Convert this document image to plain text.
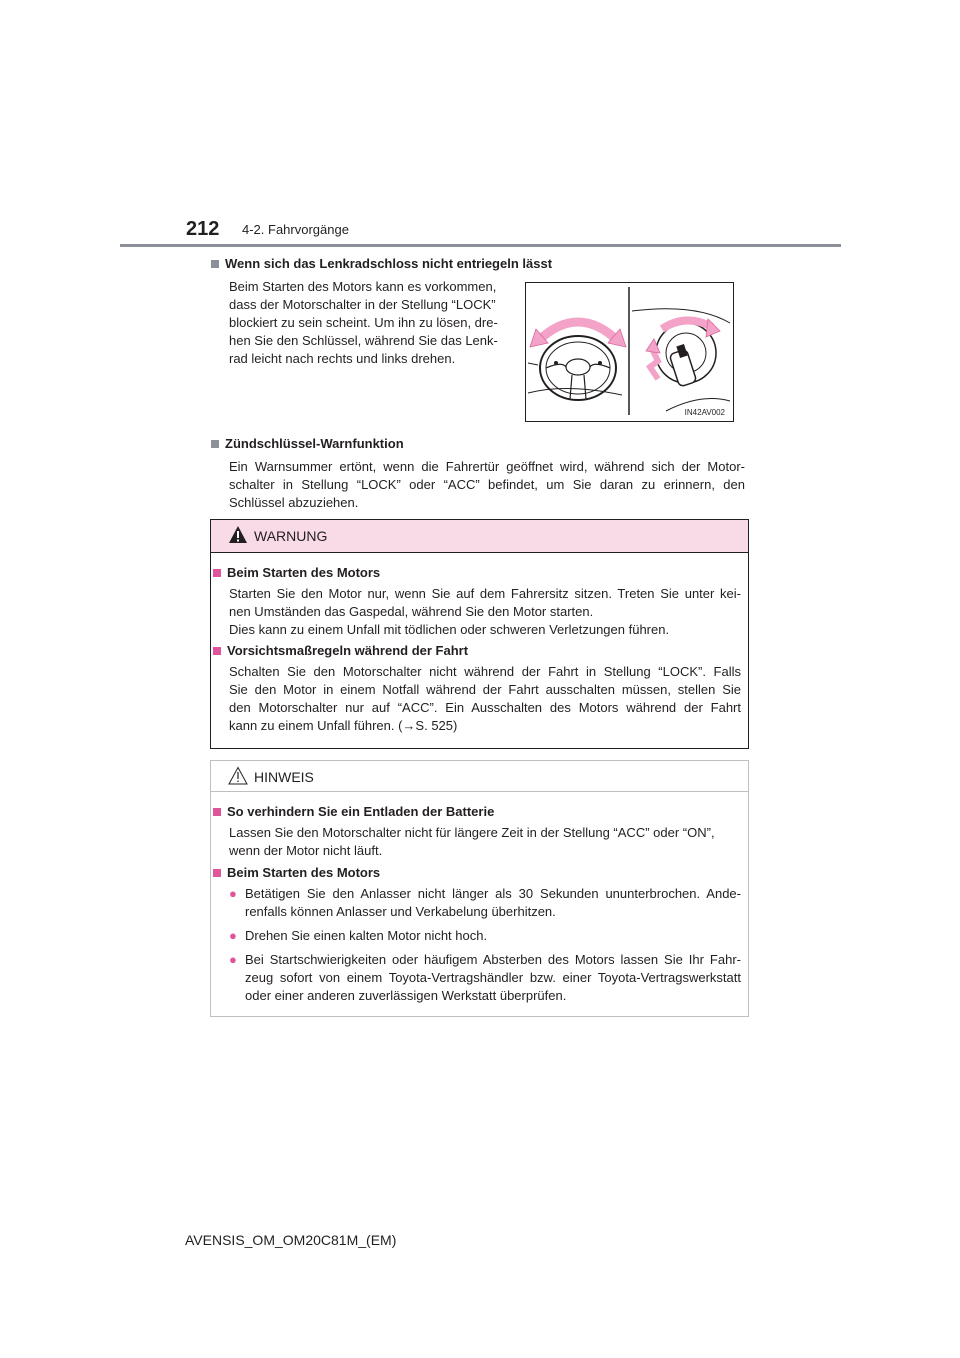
212 4-2. Fahrvorgänge
Wenn sich das Lenkradschloss nicht entriegeln lässt
Beim Starten des Motors kann es vorkommen,
dass der Motorschalter in der Stellung “LOCK”
blockiert zu sein scheint. Um ihn zu lösen, dre-
hen Sie den Schlüssel, während Sie das Lenk-
rad leicht nach rechts und links drehen.
IN42AV002
Zündschlüssel-Warnfunktion
Ein Warnsummer ertönt, wenn die Fahrertür geöffnet wird, während sich der Motor-
schalter in Stellung “LOCK” oder “ACC” befindet, um Sie daran zu erinnern, den
Schlüssel abzuziehen.
WARNUNG
Beim Starten des Motors
Starten Sie den Motor nur, wenn Sie auf dem Fahrersitz sitzen. Treten Sie unter kei-
nen Umständen das Gaspedal, während Sie den Motor starten.
Dies kann zu einem Unfall mit tödlichen oder schweren Verletzungen führen.
Vorsichtsmaßregeln während der Fahrt
Schalten Sie den Motorschalter nicht während der Fahrt in Stellung “LOCK”. Falls
Sie den Motor in einem Notfall während der Fahrt ausschalten müssen, stellen Sie
den Motorschalter nur auf “ACC”. Ein Ausschalten des Motors während der Fahrt
kann zu einem Unfall führen. (→S. 525)
HINWEIS
So verhindern Sie ein Entladen der Batterie
Lassen Sie den Motorschalter nicht für längere Zeit in der Stellung “ACC” oder “ON”,
wenn der Motor nicht läuft.
Beim Starten des Motors
● Betätigen Sie den Anlasser nicht länger als 30 Sekunden ununterbrochen. Ande-
renfalls können Anlasser und Verkabelung überhitzen.
● Drehen Sie einen kalten Motor nicht hoch.
● Bei Startschwierigkeiten oder häufigem Absterben des Motors lassen Sie Ihr Fahr-
zeug sofort von einem Toyota-Vertragshändler bzw. einer Toyota-Vertragswerkstatt
oder einer anderen zuverlässigen Werkstatt überprüfen.
AVENSIS_OM_OM20C81M_(EM)
